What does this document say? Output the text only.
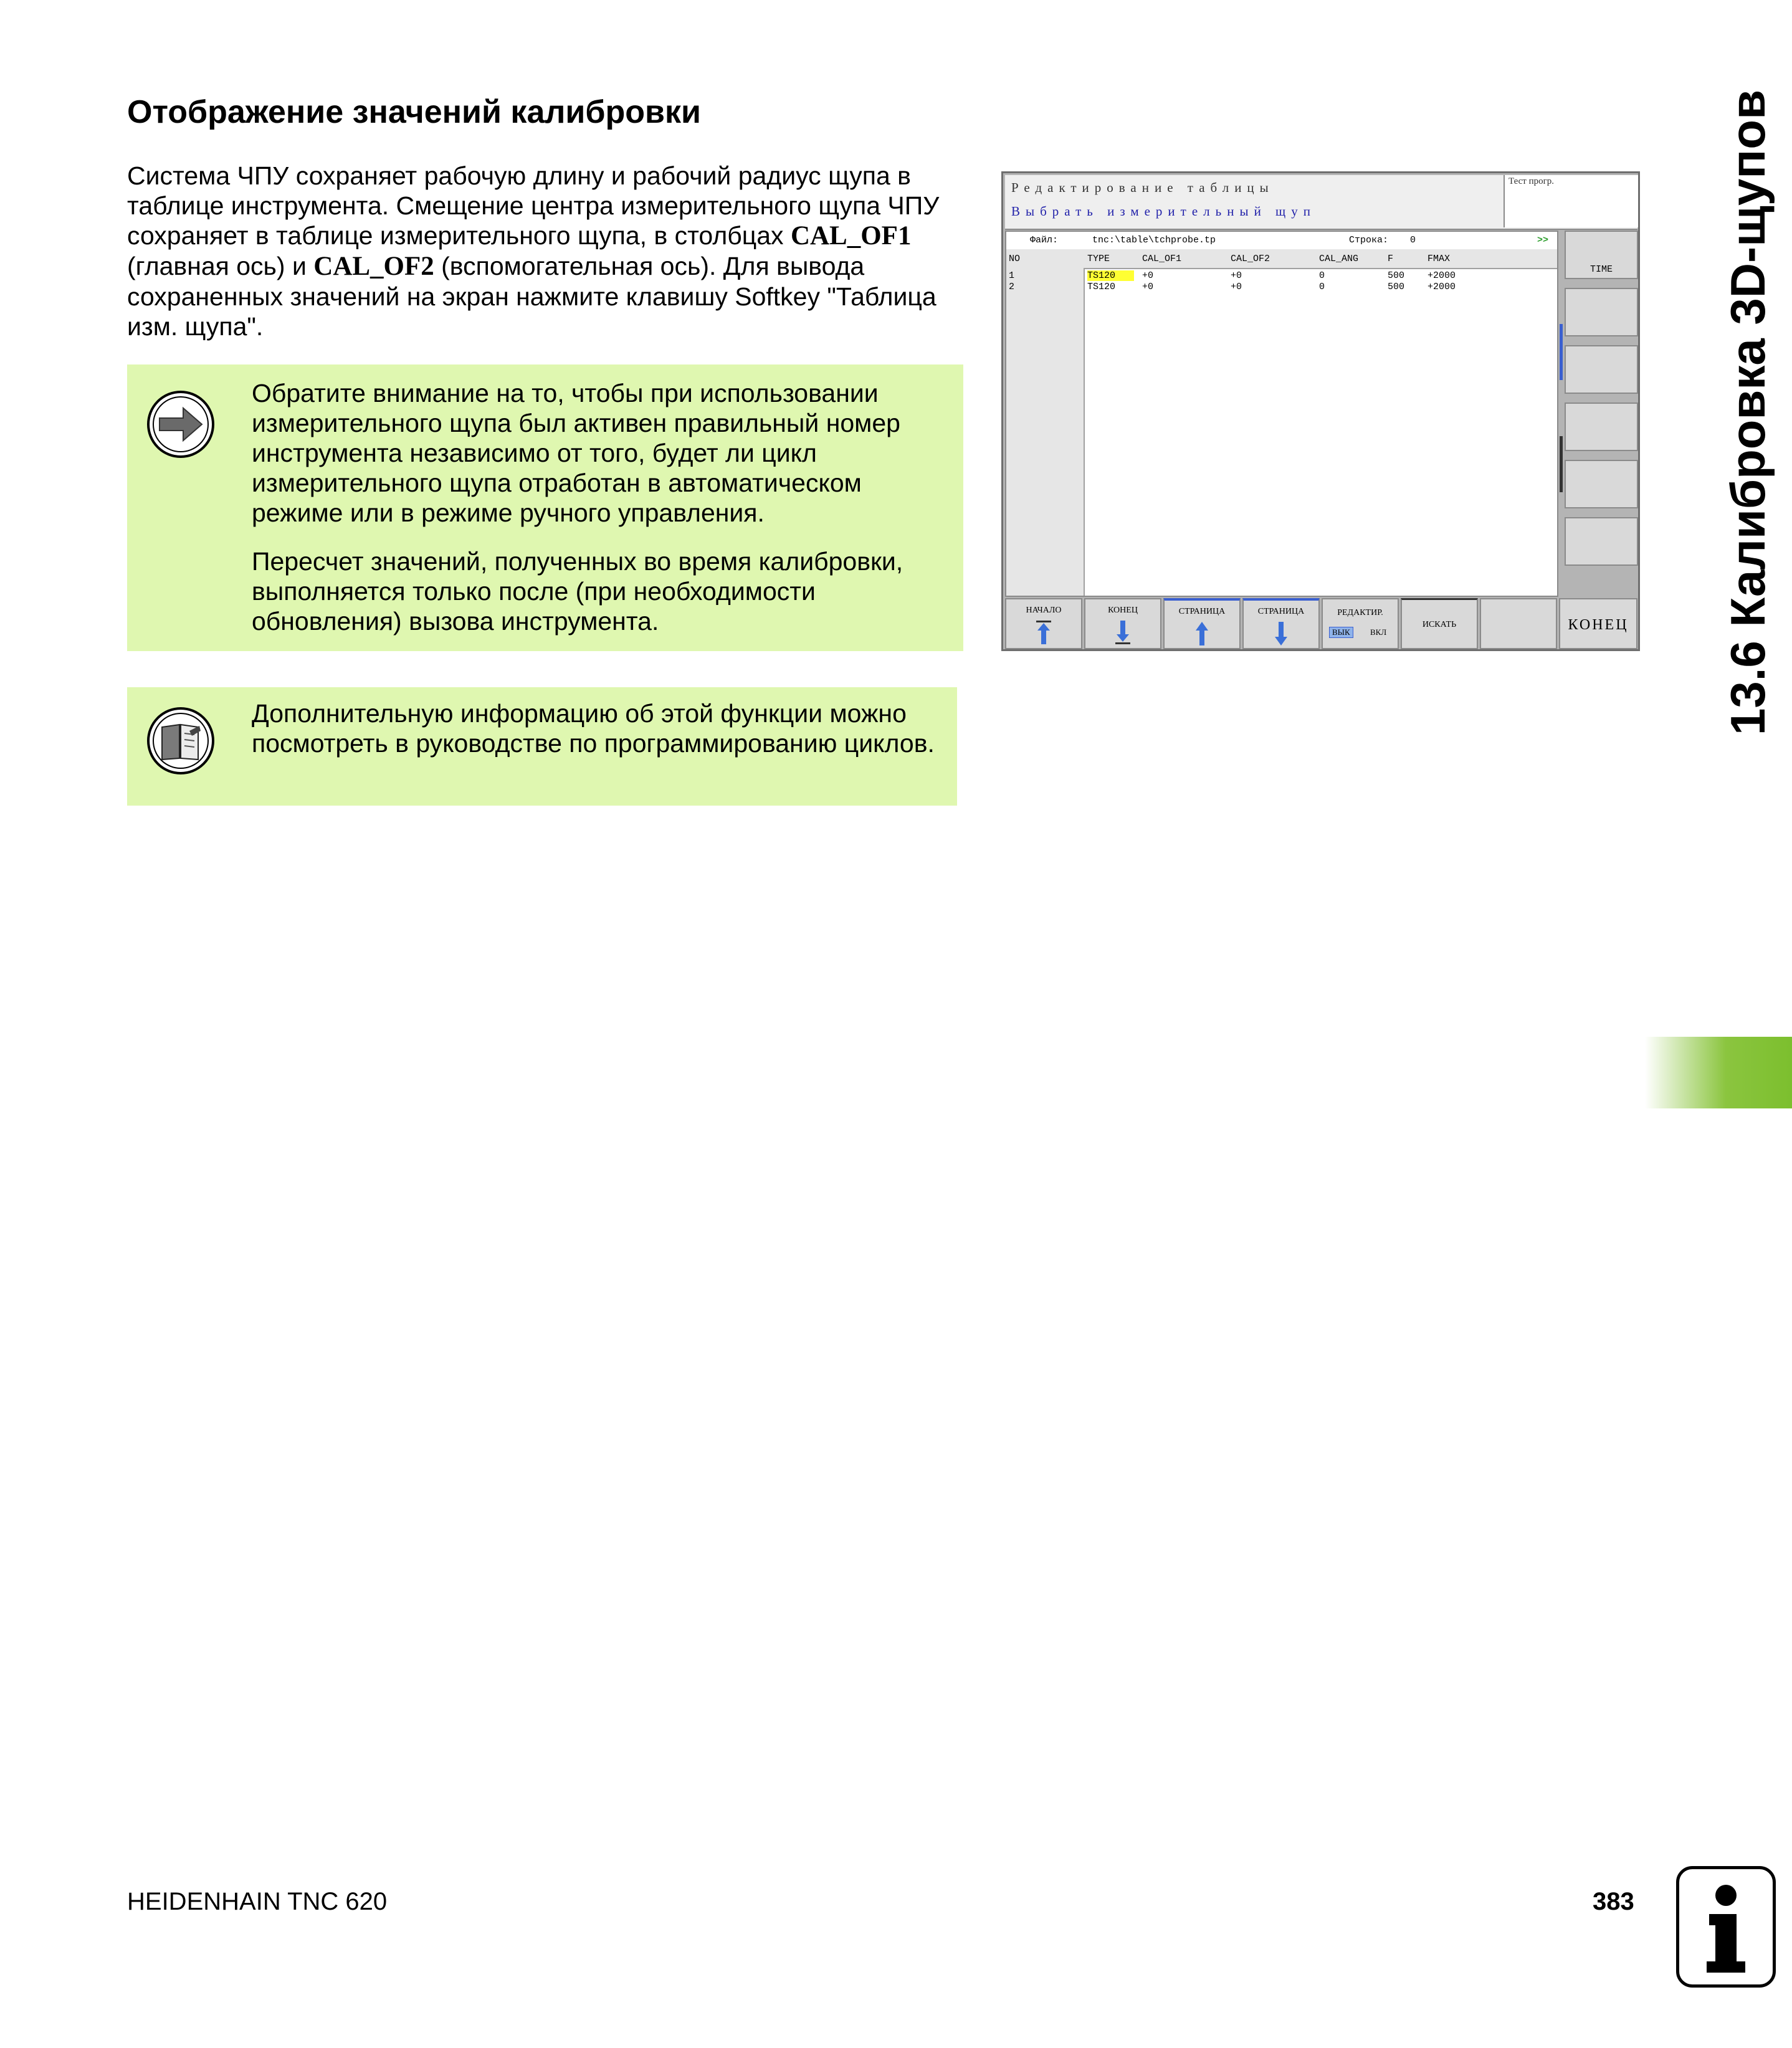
Отображение значений калибровки
Система ЧПУ сохраняет рабочую длину и рабочий радиус щупа в таблице инструмента. Смещение центра измерительного щупа ЧПУ сохраняет в таблице измерительного щупа, в столбцах CAL_OF1 (главная ось) и CAL_OF2 (вспомогательная ось). Для вывода сохраненных значений на экран нажмите клавишу Softkey "Таблица изм. щупа".
Обратите внимание на то, чтобы при использовании измерительного щупа был активен правильный номер инструмента независимо от того, будет ли цикл измерительного щупа отработан в автоматическом режиме или в режиме ручного управления.
Пересчет значений, полученных во время калибровки, выполняется только после (при необходимости обновления) вызова инструмента.
Дополнительную информацию об этой функции можно посмотреть в руководстве по программированию циклов.
Редактирование таблицы
Выбрать измерительный щуп
Тест прогр.
Файл:	tnc:\table\tchprobe.tp	Строка: 0	>>
NO	TYPE	CAL_OF1	CAL_OF2	CAL_ANG	F	FMAX
1	TS120	+0	+0	0	500 +2000
2	TS120	+0	+0	0	500 +2000
TIME
НАЧАЛО	КОНЕЦ	СТРАНИЦА	СТРАНИЦА	РЕДАКТИР.
ВЫК	ВКЛ
ИСКАТЬ	КОНЕЦ 13.6 Калибровка 3D-щупов
HEIDENHAIN TNC 620	383
